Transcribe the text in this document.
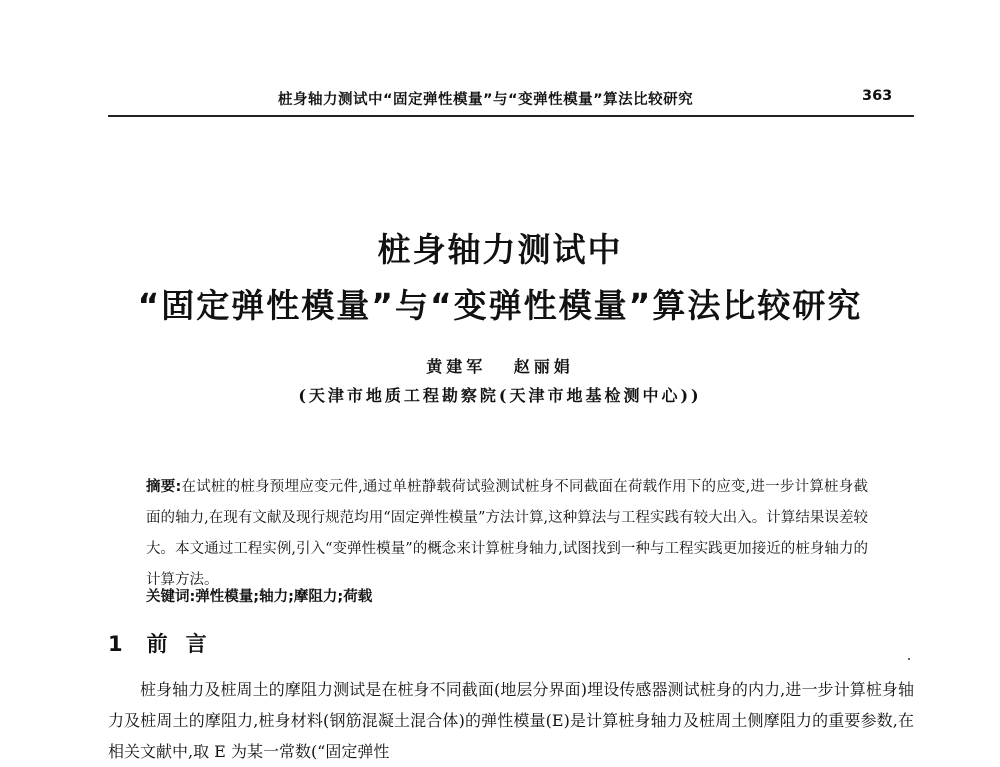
桩身轴力测试中“固定弹性模量”与“变弹性模量”算法比较研究	363
桩身轴力测试中
“固定弹性模量”与“变弹性模量”算法比较研究
黄建军 赵丽娟
(天津市地质工程勘察院(天津市地基检测中心))
摘要:在试桩的桩身预埋应变元件,通过单桩静载荷试验测试桩身不同截面在荷载作用下的应变,进一步计算桩身截面的轴力,在现有文献及现行规范均用“固定弹性模量”方法计算,这种算法与工程实践有较大出入。计算结果误差较大。本文通过工程实例,引入“变弹性模量”的概念来计算桩身轴力,试图找到一种与工程实践更加接近的桩身轴力的计算方法。
关键词:弹性模量;轴力;摩阻力;荷载
1 前言

桩身轴力及桩周土的摩阻力测试是在桩身不同截面(地层分界面)埋设传感器测试桩身的内力,进一步计算桩身轴力及桩周土的摩阻力,桩身材料(钢筋混凝土混合体)的弹性模量(E)是计算桩身轴力及桩周土侧摩阻力的重要参数,在相关文献中,取 E 为某一常数(“固定弹性
